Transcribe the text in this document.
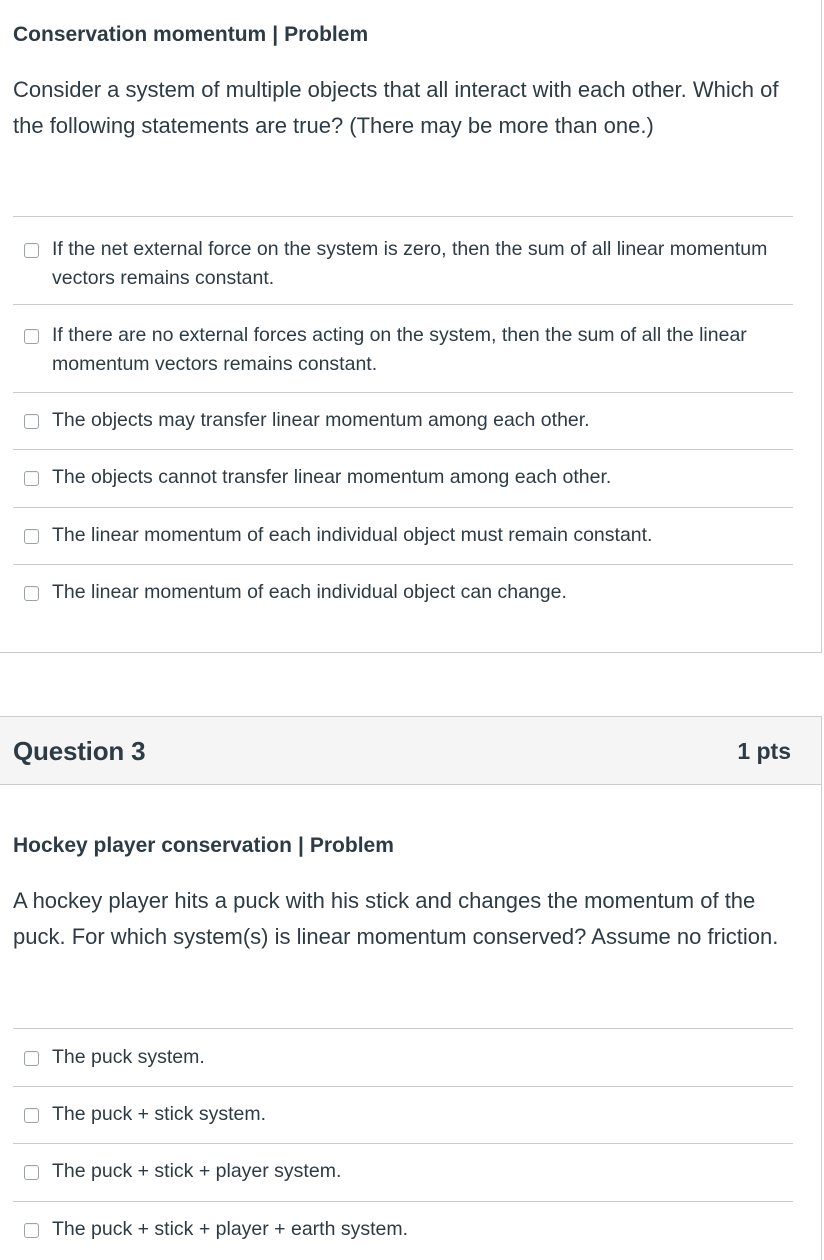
Conservation momentum | Problem
Consider a system of multiple objects that all interact with each other. Which of the following statements are true? (There may be more than one.)
If the net external force on the system is zero, then the sum of all linear momentum vectors remains constant.
If there are no external forces acting on the system, then the sum of all the linear momentum vectors remains constant.
The objects may transfer linear momentum among each other.
The objects cannot transfer linear momentum among each other.
The linear momentum of each individual object must remain constant.
The linear momentum of each individual object can change.
Question 3	1 pts
Hockey player conservation | Problem
A hockey player hits a puck with his stick and changes the momentum of the puck. For which system(s) is linear momentum conserved? Assume no friction.
The puck system.
The puck + stick system.
The puck + stick + player system.
The puck + stick + player + earth system.
